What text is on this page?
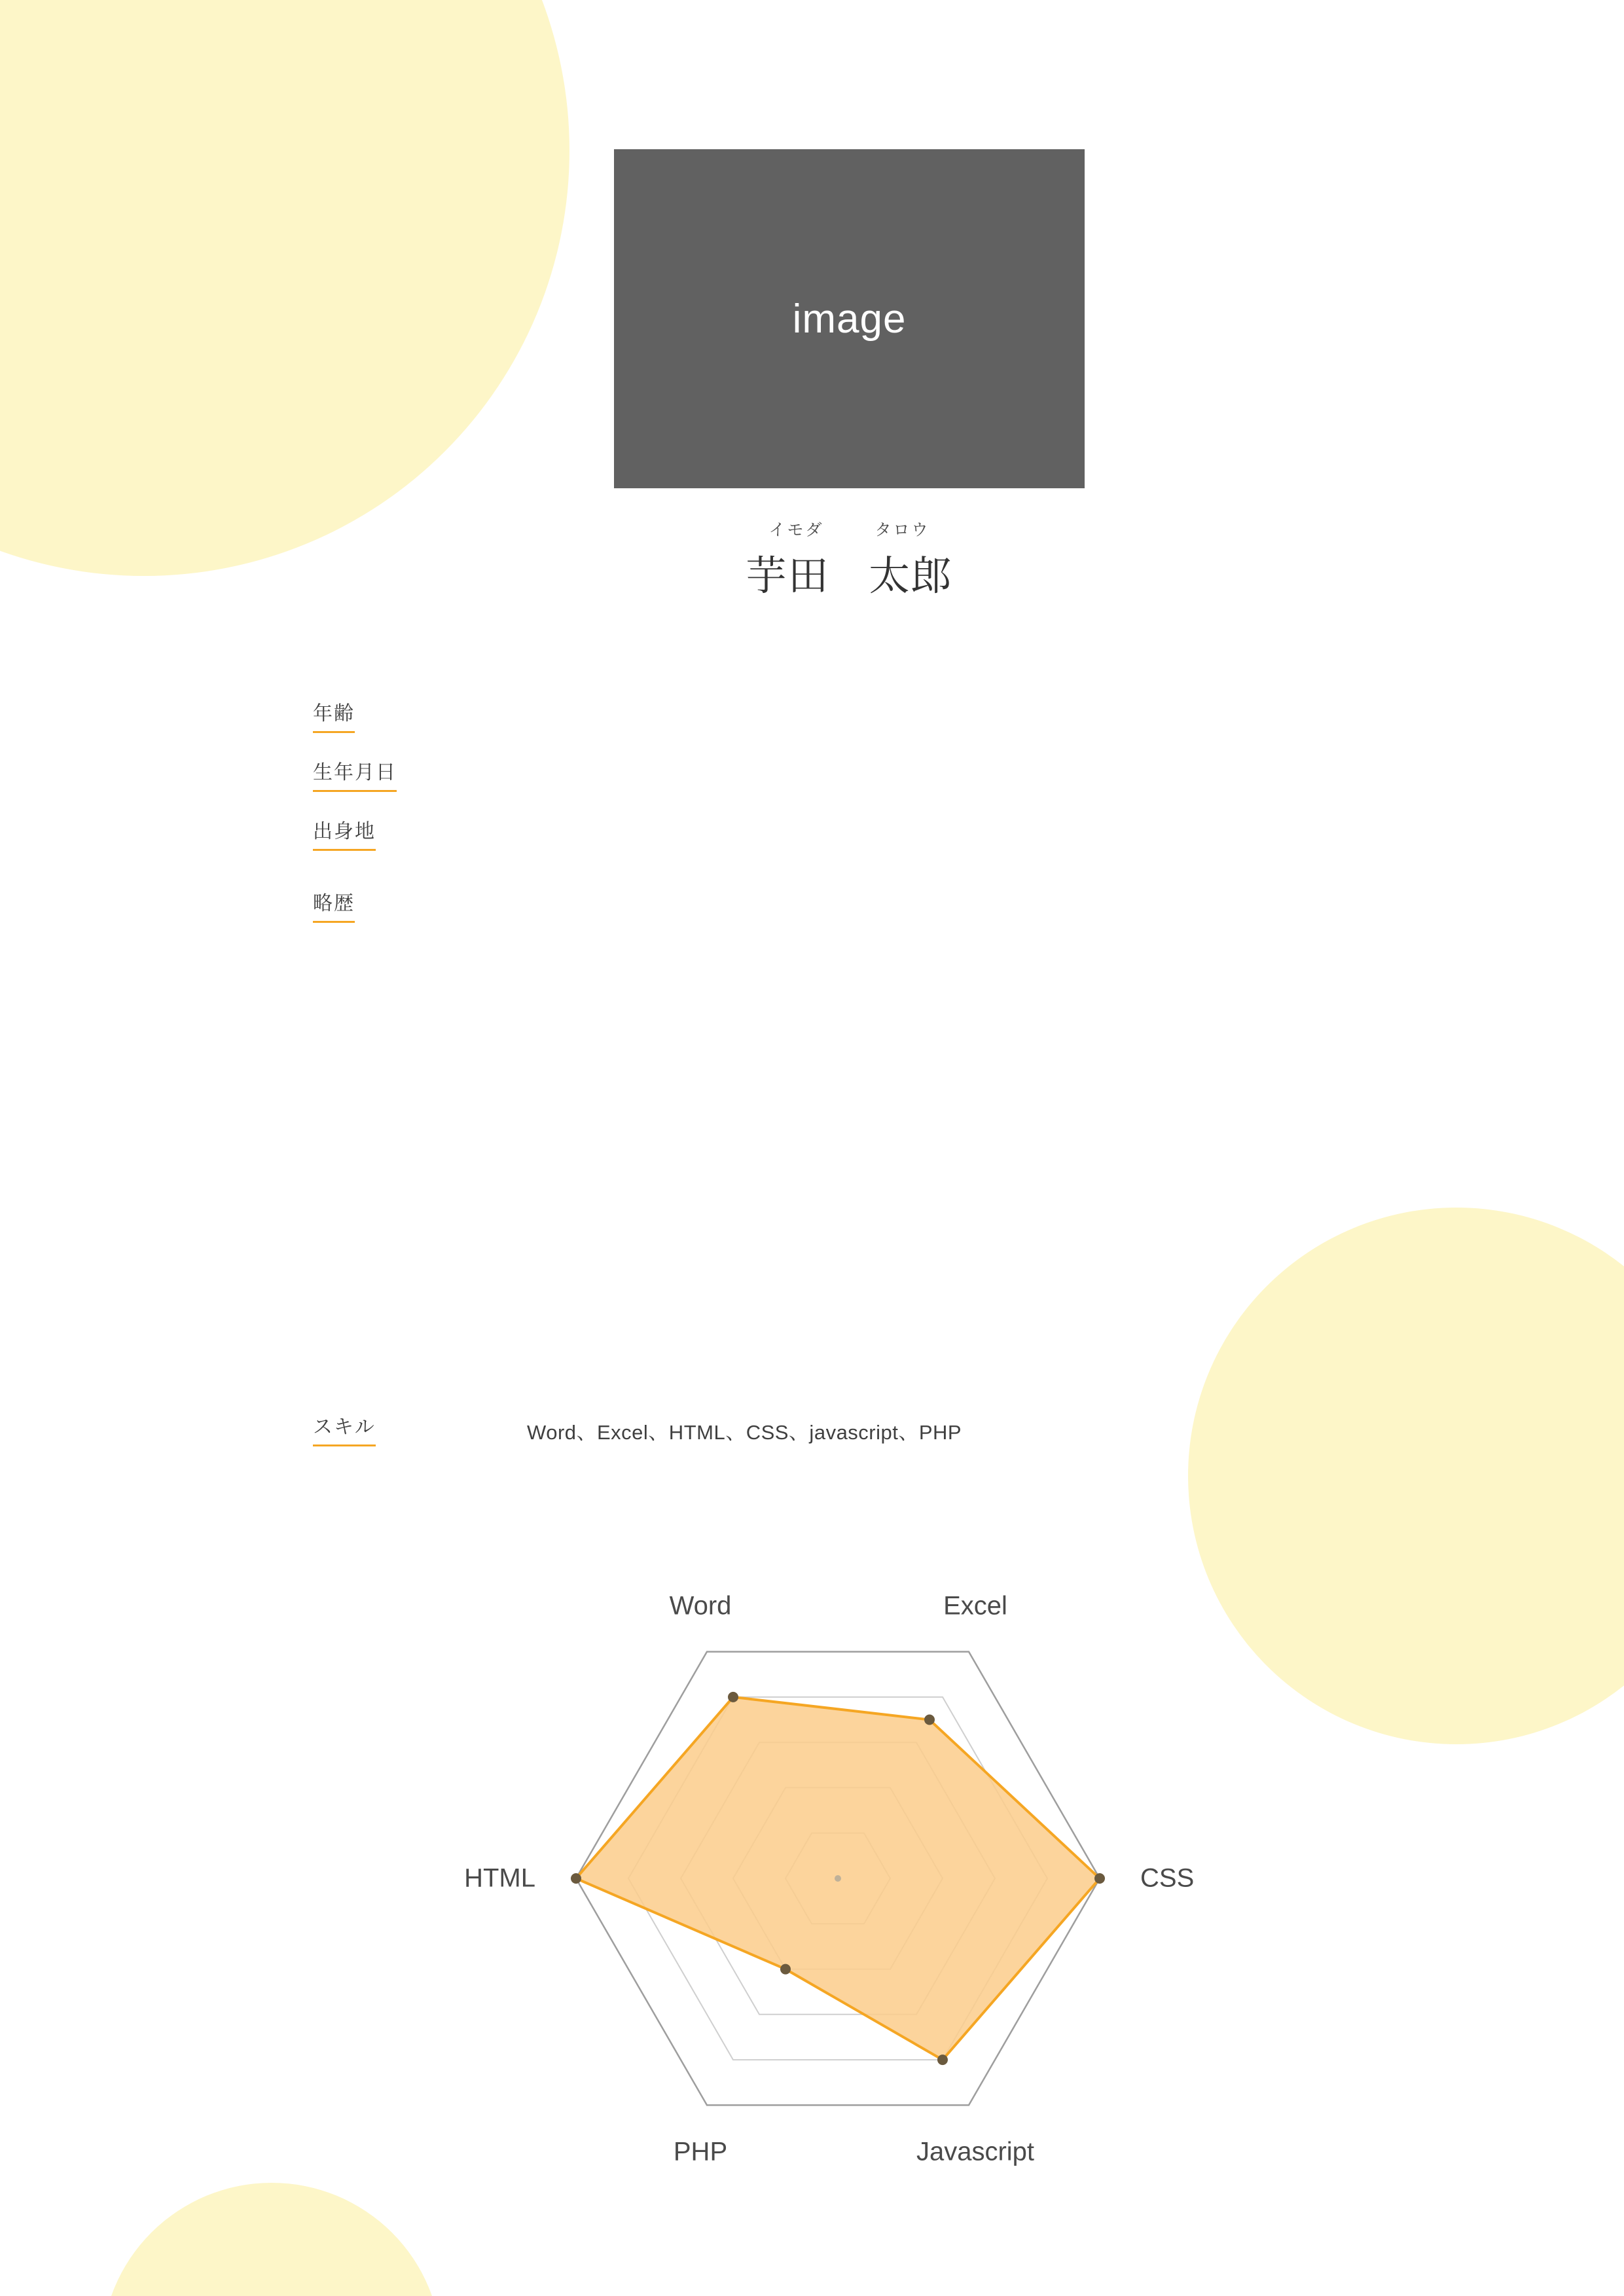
image
イモダ	タロウ
芋田 太郎
年齢
生年月日
出身地
略歴
スキル	Word、Excel、HTML、CSS、javascript、PHP
Word	Excel
CSS
Javascript
PHP
HTML
